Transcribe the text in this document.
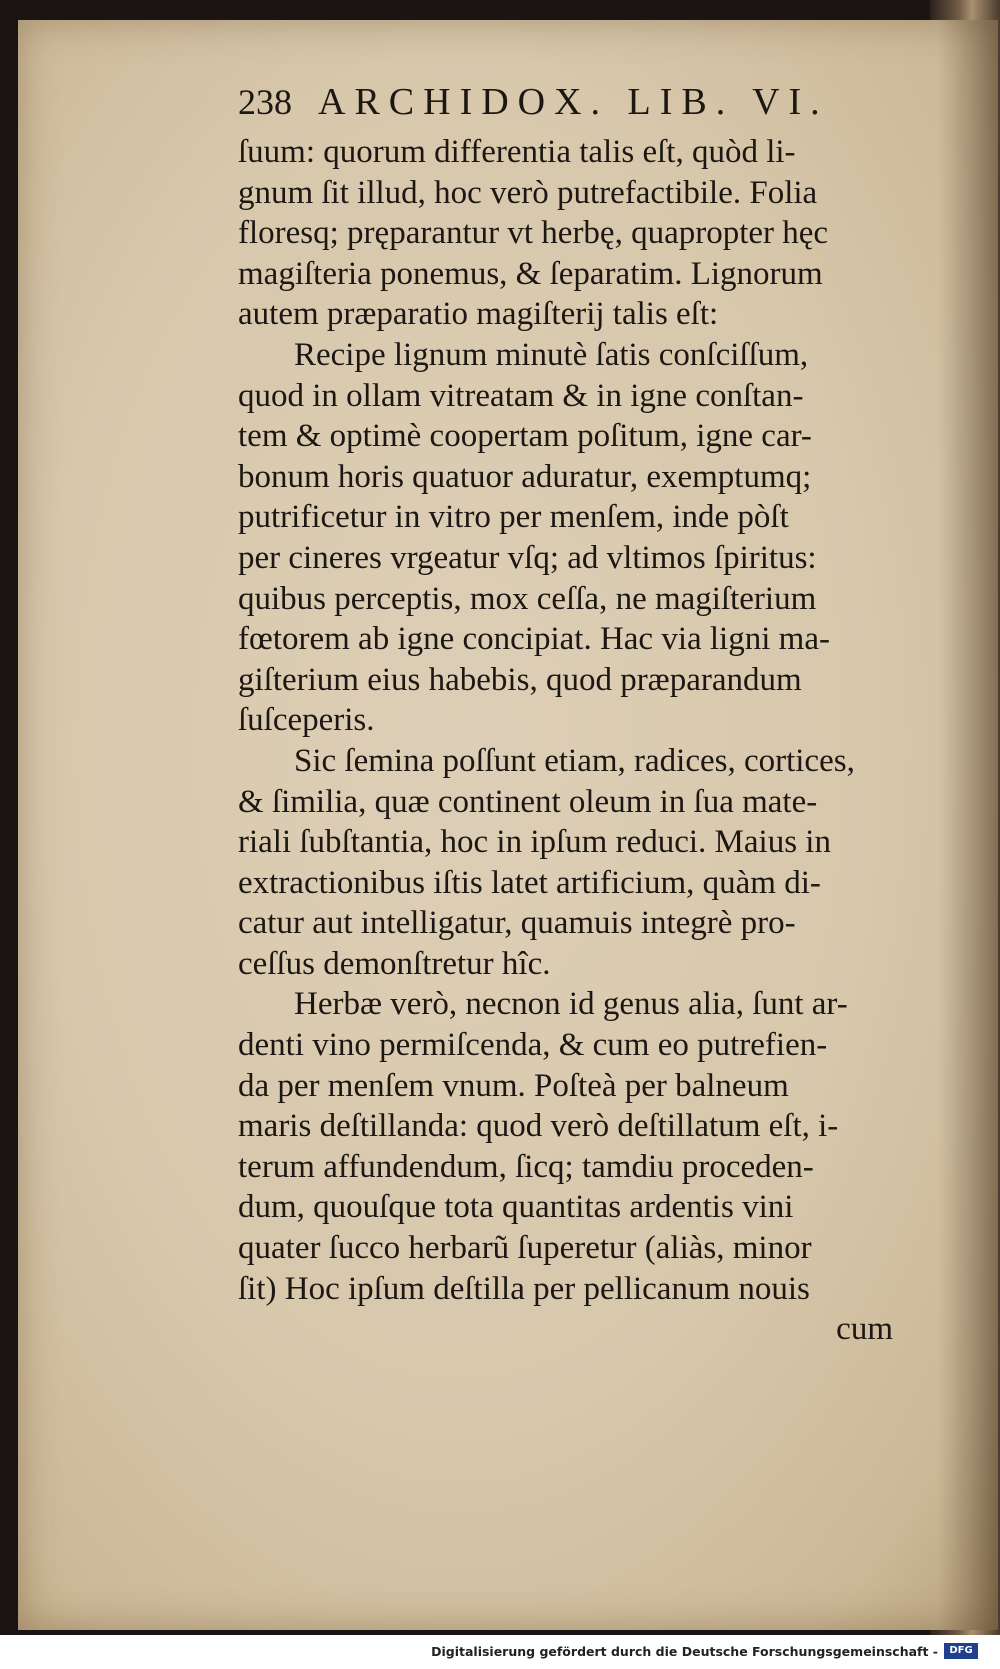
238 ARCHIDOX. LIB. VI.
ſuum: quorum differentia talis eſt, quòd li-
gnum ſit illud, hoc verò putrefactibile. Folia
floresq; pręparantur vt herbę, quapropter hęc
magiſteria ponemus, & ſeparatim. Lignorum
autem præparatio magiſterij talis eſt:
Recipe lignum minutè ſatis conſciſſum,
quod in ollam vitreatam & in igne conſtan-
tem & optimè coopertam poſitum, igne car-
bonum horis quatuor aduratur, exemptumq;
putrificetur in vitro per menſem, inde pòſt
per cineres vrgeatur vſq; ad vltimos ſpiritus:
quibus perceptis, mox ceſſa, ne magiſterium
fœtorem ab igne concipiat. Hac via ligni ma-
giſterium eius habebis, quod præparandum
ſuſceperis.
Sic ſemina poſſunt etiam, radices, cortices,
& ſimilia, quæ continent oleum in ſua mate-
riali ſubſtantia, hoc in ipſum reduci. Maius in
extractionibus iſtis latet artificium, quàm di-
catur aut intelligatur, quamuis integrè pro-
ceſſus demonſtretur hîc.
Herbæ verò, necnon id genus alia, ſunt ar-
denti vino permiſcenda, & cum eo putrefien-
da per menſem vnum. Poſteà per balneum
maris deſtillanda: quod verò deſtillatum eſt, i-
terum affundendum, ſicq; tamdiu proceden-
dum, quouſque tota quantitas ardentis vini
quater ſucco herbarũ ſuperetur (aliàs, minor
ſit) Hoc ipſum deſtilla per pellicanum nouis
cum
Digitalisierung gefördert durch die Deutsche Forschungsgemeinschaft -	DFG
